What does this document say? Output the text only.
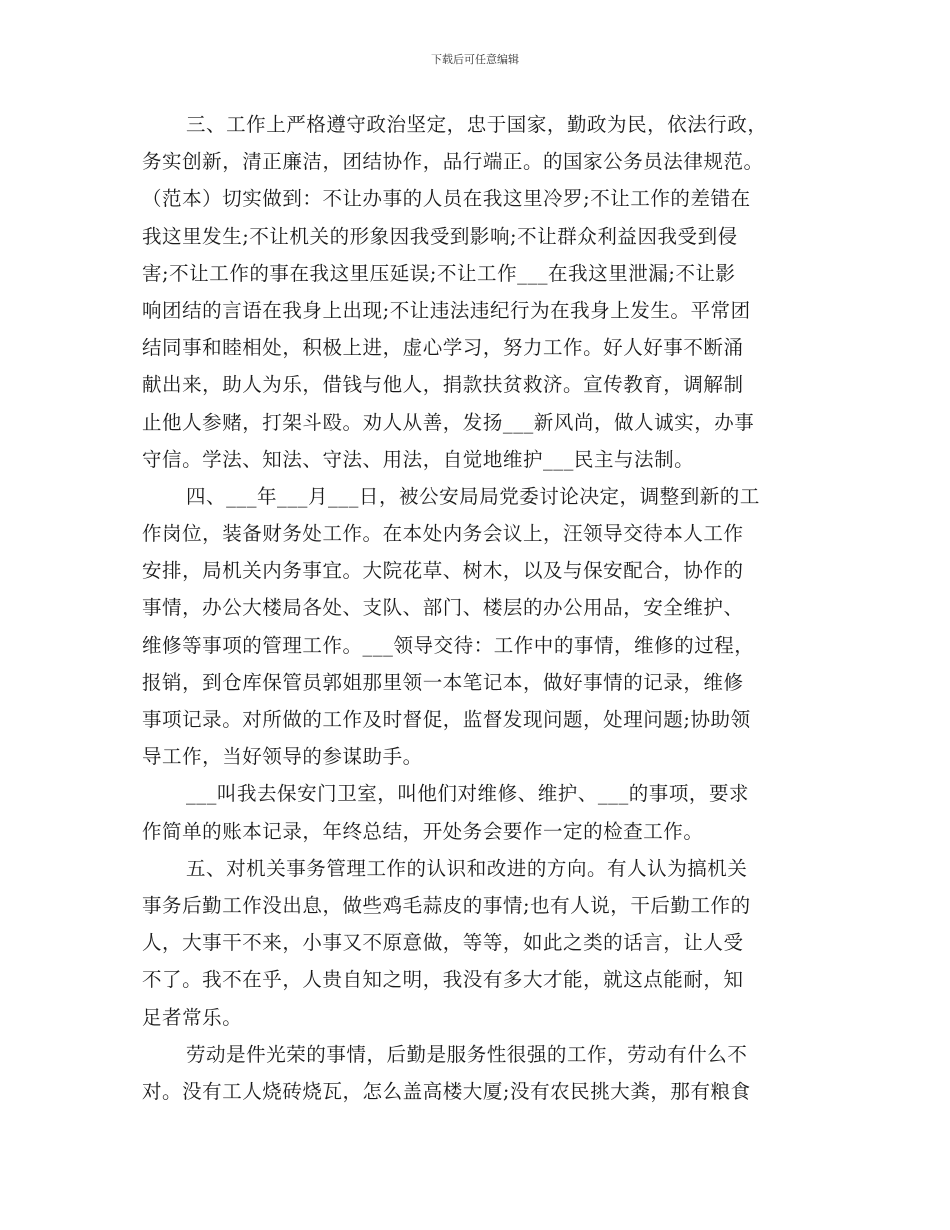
下载后可任意编辑
三、工作上严格遵守政治坚定，忠于国家，勤政为民，依法行政，
务实创新，清正廉洁，团结协作，品行端正。的国家公务员法律规范。
（范本）切实做到：不让办事的人员在我这里冷罗;不让工作的差错在
我这里发生;不让机关的形象因我受到影响;不让群众利益因我受到侵
害;不让工作的事在我这里压延误;不让工作___在我这里泄漏;不让影
响团结的言语在我身上出现;不让违法违纪行为在我身上发生。平常团
结同事和睦相处，积极上进，虚心学习，努力工作。好人好事不断涌
献出来，助人为乐，借钱与他人，捐款扶贫救济。宣传教育，调解制
止他人参赌，打架斗殴。劝人从善，发扬___新风尚，做人诚实，办事
守信。学法、知法、守法、用法，自觉地维护___民主与法制。
四、___年___月___日，被公安局局党委讨论决定，调整到新的工
作岗位，装备财务处工作。在本处内务会议上，汪领导交待本人工作
安排，局机关内务事宜。大院花草、树木，以及与保安配合，协作的
事情，办公大楼局各处、支队、部门、楼层的办公用品，安全维护、
维修等事项的管理工作。___领导交待：工作中的事情，维修的过程，
报销，到仓库保管员郭姐那里领一本笔记本，做好事情的记录，维修
事项记录。对所做的工作及时督促，监督发现问题，处理问题;协助领
导工作，当好领导的参谋助手。
___叫我去保安门卫室，叫他们对维修、维护、___的事项，要求
作简单的账本记录，年终总结，开处务会要作一定的检查工作。
五、对机关事务管理工作的认识和改进的方向。有人认为搞机关
事务后勤工作没出息，做些鸡毛蒜皮的事情;也有人说，干后勤工作的
人，大事干不来，小事又不原意做，等等，如此之类的话言，让人受
不了。我不在乎，人贵自知之明，我没有多大才能，就这点能耐，知
足者常乐。
劳动是件光荣的事情，后勤是服务性很强的工作，劳动有什么不
对。没有工人烧砖烧瓦，怎么盖高楼大厦;没有农民挑大粪，那有粮食
